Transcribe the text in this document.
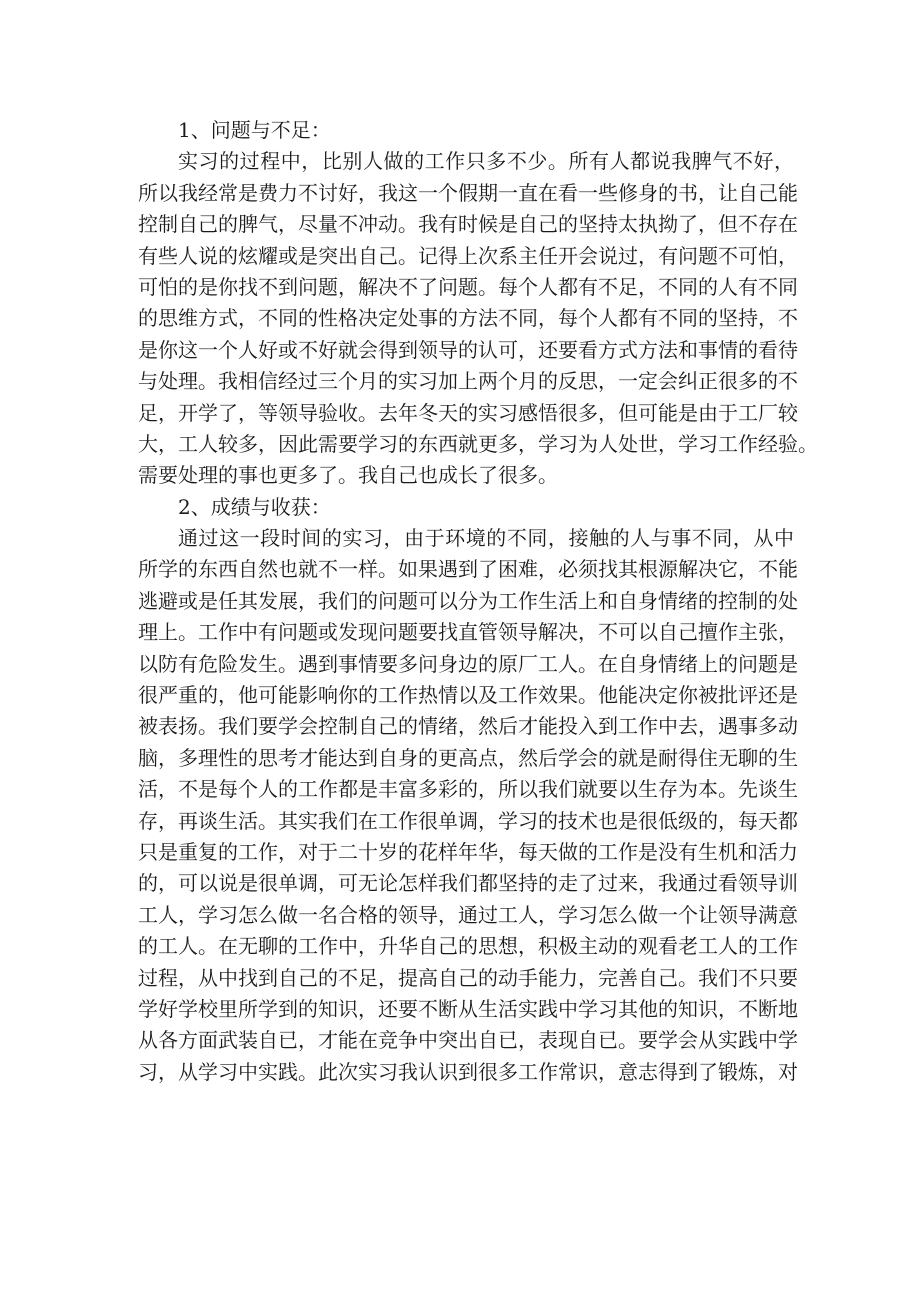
1、问题与不足：
实习的过程中，比别人做的工作只多不少。所有人都说我脾气不好，
所以我经常是费力不讨好，我这一个假期一直在看一些修身的书，让自己能
控制自己的脾气，尽量不冲动。我有时候是自己的坚持太执拗了，但不存在
有些人说的炫耀或是突出自己。记得上次系主任开会说过，有问题不可怕，
可怕的是你找不到问题，解决不了问题。每个人都有不足，不同的人有不同
的思维方式，不同的性格决定处事的方法不同，每个人都有不同的坚持，不
是你这一个人好或不好就会得到领导的认可，还要看方式方法和事情的看待
与处理。我相信经过三个月的实习加上两个月的反思，一定会纠正很多的不
足，开学了，等领导验收。去年冬天的实习感悟很多，但可能是由于工厂较
大，工人较多，因此需要学习的东西就更多，学习为人处世，学习工作经验。
需要处理的事也更多了。我自己也成长了很多。
2、成绩与收获：
通过这一段时间的实习，由于环境的不同，接触的人与事不同，从中
所学的东西自然也就不一样。如果遇到了困难，必须找其根源解决它，不能
逃避或是任其发展，我们的问题可以分为工作生活上和自身情绪的控制的处
理上。工作中有问题或发现问题要找直管领导解决，不可以自己擅作主张，
以防有危险发生。遇到事情要多问身边的原厂工人。在自身情绪上的问题是
很严重的，他可能影响你的工作热情以及工作效果。他能决定你被批评还是
被表扬。我们要学会控制自己的情绪，然后才能投入到工作中去，遇事多动
脑，多理性的思考才能达到自身的更高点，然后学会的就是耐得住无聊的生
活，不是每个人的工作都是丰富多彩的，所以我们就要以生存为本。先谈生
存，再谈生活。其实我们在工作很单调，学习的技术也是很低级的，每天都
只是重复的工作，对于二十岁的花样年华，每天做的工作是没有生机和活力
的，可以说是很单调，可无论怎样我们都坚持的走了过来，我通过看领导训
工人，学习怎么做一名合格的领导，通过工人，学习怎么做一个让领导满意
的工人。在无聊的工作中，升华自己的思想，积极主动的观看老工人的工作
过程，从中找到自己的不足，提高自己的动手能力，完善自己。我们不只要
学好学校里所学到的知识，还要不断从生活实践中学习其他的知识，不断地
从各方面武装自已，才能在竞争中突出自已，表现自已。要学会从实践中学
习，从学习中实践。此次实习我认识到很多工作常识，意志得到了锻炼，对
